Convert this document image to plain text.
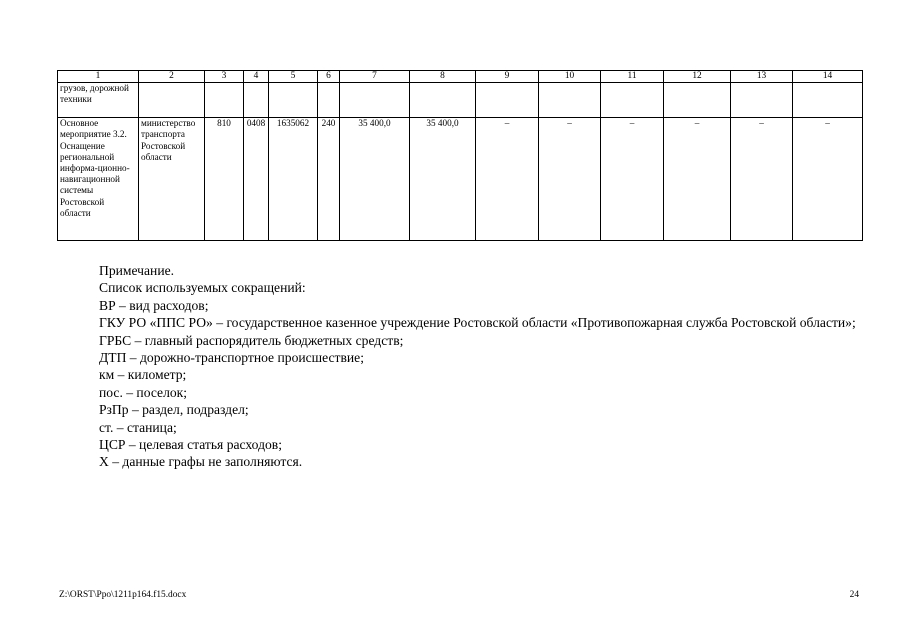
1	2	3	4	5	6	7	8	9	10	11	12	13	14
грузов, дорожной техники													
Основное мероприятие 3.2. Оснащение региональной информа-ционно-навигационной системы Ростовской области	министерство транспорта Ростовской области	810	0408	1635062	240	35 400,0	35 400,0	–	–	–	–	–	–

Примечание.

Список используемых сокращений:

ВР – вид расходов;

ГКУ РО «ППС РО» – государственное казенное учреждение Ростовской области «Противопожарная служба Ростовской области»;

ГРБС – главный распорядитель бюджетных средств;

ДТП – дорожно-транспортное происшествие;

км – километр;

пос. – поселок;

РзПр – раздел, подраздел;

ст. – станица;

ЦСР – целевая статья расходов;

Х – данные графы не заполняются.

Z:\ORST\Ppo\1211p164.f15.docx	24
